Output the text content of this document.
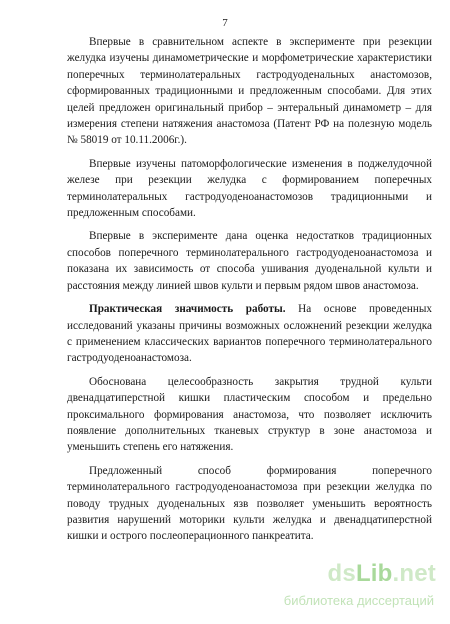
7

Впервые в сравнительном аспекте в эксперименте при резекции желудка изучены динамометрические и морфометрические характеристики поперечных терминолатеральных гастродуоденальных анастомозов, сформированных традиционными и предложенным способами. Для этих целей предложен оригинальный прибор – энтеральный динамометр – для измерения степени натяжения анастомоза (Патент РФ на полезную модель № 58019 от 10.11.2006г.).

Впервые изучены патоморфологические изменения в поджелудочной железе при резекции желудка с формированием поперечных терминолатеральных гастродуоденоанастомозов традиционными и предложенным способами.

Впервые в эксперименте дана оценка недостатков традиционных способов поперечного терминолатерального гастродуоденоанастомоза и показана их зависимость от способа ушивания дуоденальной культи и расстояния между линией швов культи и первым рядом швов анастомоза.

Практическая значимость работы. На основе проведенных исследований указаны причины возможных осложнений резекции желудка с применением классических вариантов поперечного терминолатерального гастродуоденоанастомоза.

Обоснована целесообразность закрытия трудной культи двенадцатиперстной кишки пластическим способом и предельно проксимального формирования анастомоза, что позволяет исключить появление дополнительных тканевых структур в зоне анастомоза и уменьшить степень его натяжения.

Предложенный способ формирования поперечного терминолатерального гастродуоденоанастомоза при резекции желудка по поводу трудных дуоденальных язв позволяет уменьшить вероятность развития нарушений моторики культи желудка и двенадцатиперстной кишки и острого послеоперационного панкреатита.

dsLib.net
библиотека диссертаций
